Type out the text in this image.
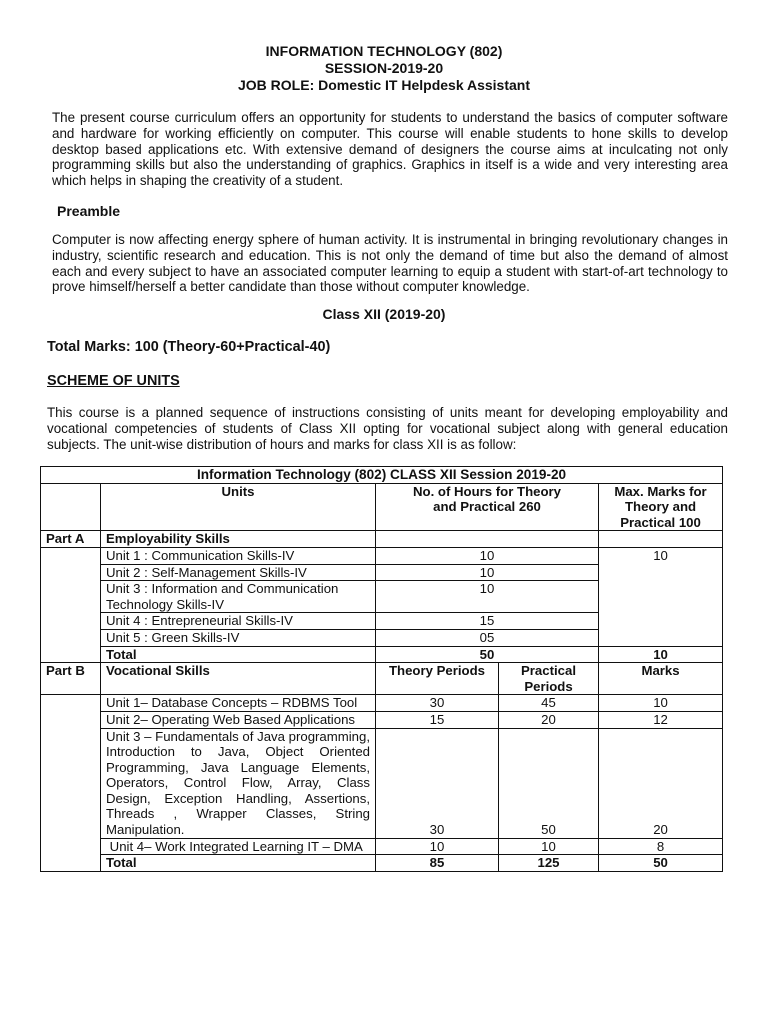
INFORMATION TECHNOLOGY (802)
SESSION-2019-20
JOB ROLE: Domestic IT Helpdesk Assistant

The present course curriculum offers an opportunity for students to understand the basics of computer software and hardware for working efficiently on computer. This course will enable students to hone skills to develop desktop based applications etc. With extensive demand of designers the course aims at inculcating not only programming skills but also the understanding of graphics. Graphics in itself is a wide and very interesting area which helps in shaping the creativity of a student.

Preamble

Computer is now affecting energy sphere of human activity. It is instrumental in bringing revolutionary changes in industry, scientific research and education. This is not only the demand of time but also the demand of almost each and every subject to have an associated computer learning to equip a student with start-of-art technology to prove himself/herself a better candidate than those without computer knowledge.

Class XII (2019-20)
Total Marks: 100 (Theory-60+Practical-40)
SCHEME OF UNITS

This course is a planned sequence of instructions consisting of units meant for developing employability and vocational competencies of students of Class XII opting for vocational subject along with general education subjects. The unit-wise distribution of hours and marks for class XII is as follow:

Information Technology (802) CLASS XII Session 2019-20				
	Units	No. of Hours for Theory and Practical 260		Max. Marks for Theory and Practical 100
Part A	Employability Skills			
	Unit 1 : Communication Skills-IV	10		10
	Unit 2 : Self-Management Skills-IV	10		
	Unit 3 : Information and Communication Technology Skills-IV	10		
	Unit 4 : Entrepreneurial Skills-IV	15		
	Unit 5 : Green Skills-IV	05		
	Total	50		10
Part B	Vocational Skills	Theory Periods	Practical Periods	Marks
	Unit 1– Database Concepts – RDBMS Tool	30	45	10
	Unit 2– Operating Web Based Applications	15	20	12
	Unit 3 – Fundamentals of Java programming, Introduction to Java, Object Oriented Programming, Java Language Elements, Operators, Control Flow, Array, Class Design, Exception Handling, Assertions, Threads , Wrapper Classes, String Manipulation.	30	50	20
	Unit 4– Work Integrated Learning IT – DMA	10	10	8
	Total	85	125	50
